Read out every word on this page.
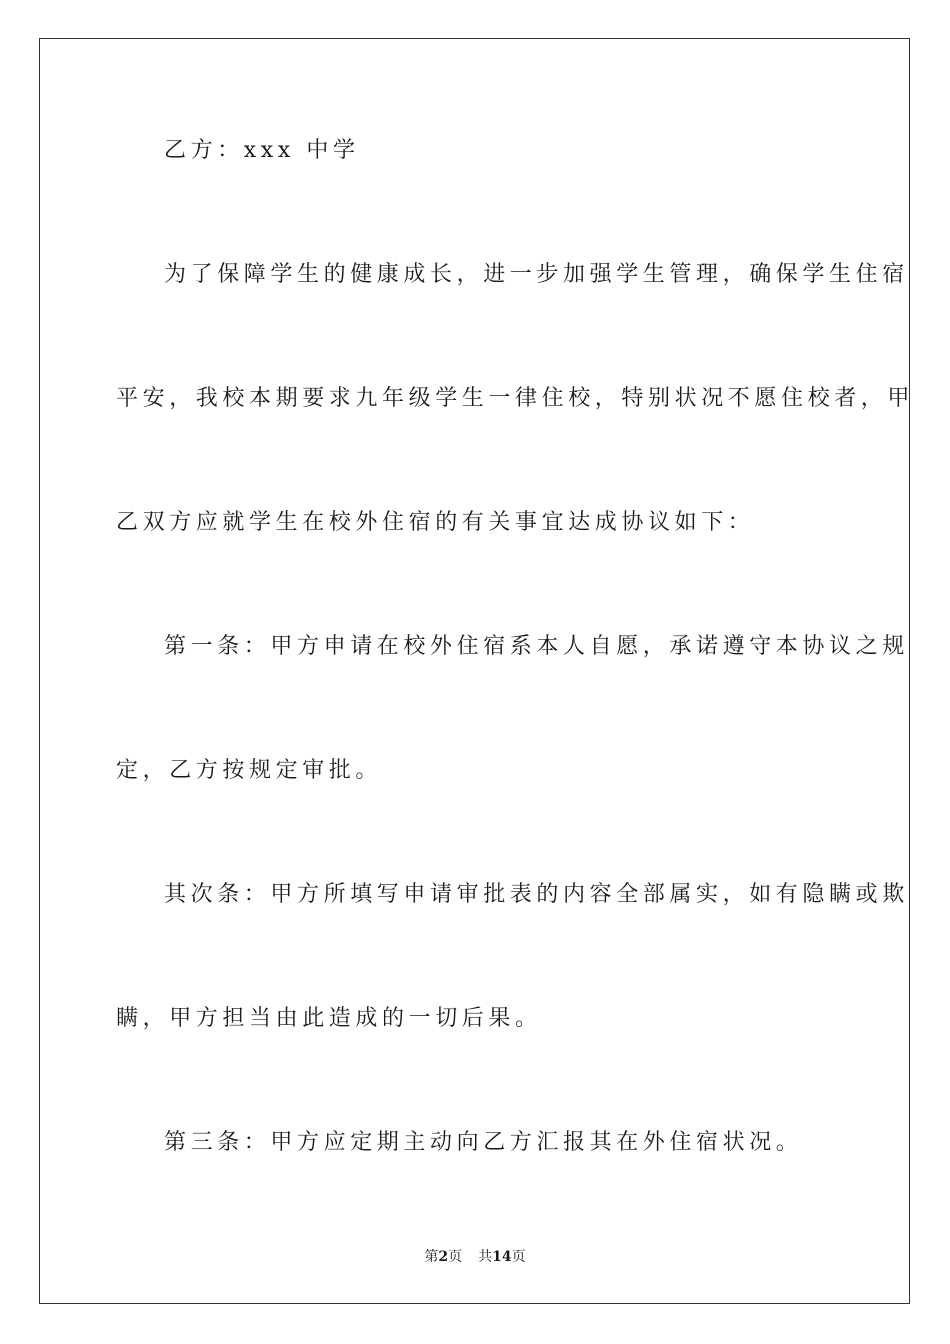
乙方：xxx 中学
为了保障学生的健康成长，进一步加强学生管理，确保学生住宿
平安，我校本期要求九年级学生一律住校，特别状况不愿住校者，甲
乙双方应就学生在校外住宿的有关事宜达成协议如下：
第一条：甲方申请在校外住宿系本人自愿，承诺遵守本协议之规
定，乙方按规定审批。
其次条：甲方所填写申请审批表的内容全部属实，如有隐瞒或欺
瞒，甲方担当由此造成的一切后果。
第三条：甲方应定期主动向乙方汇报其在外住宿状况。
第2页 共14页
